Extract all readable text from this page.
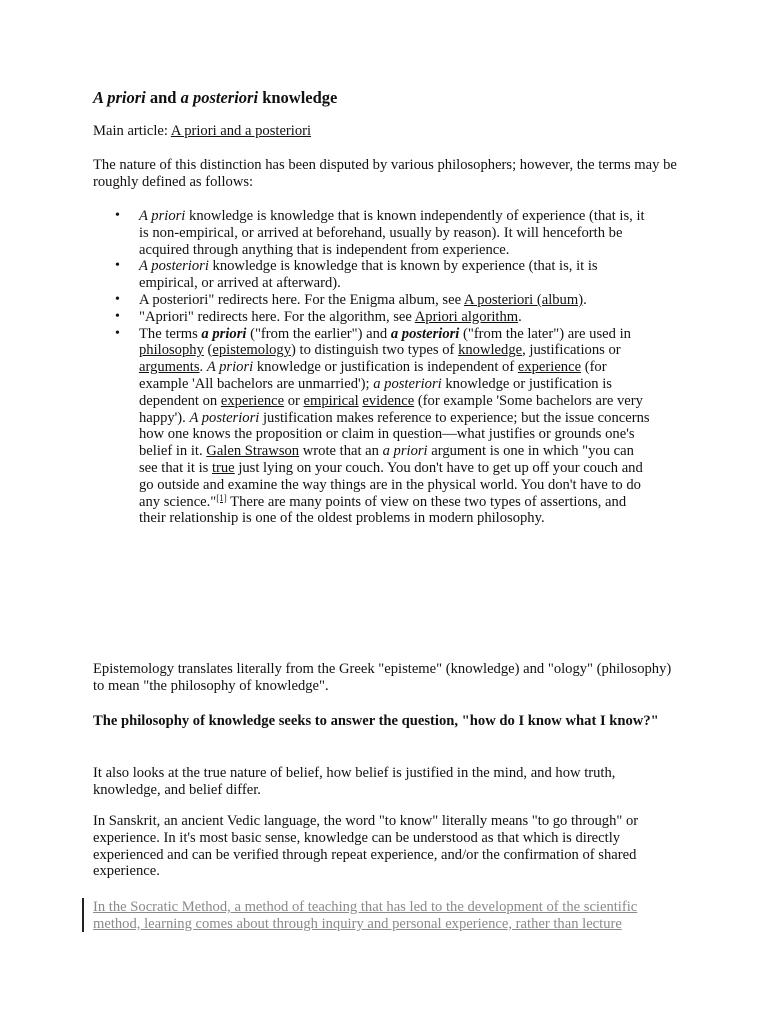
A priori and a posteriori knowledge

Main article: A priori and a posteriori

The nature of this distinction has been disputed by various philosophers; however, the terms may be roughly defined as follows:

• A priori knowledge is knowledge that is known independently of experience (that is, it is non-empirical, or arrived at beforehand, usually by reason). It will henceforth be acquired through anything that is independent from experience.
• A posteriori knowledge is knowledge that is known by experience (that is, it is empirical, or arrived at afterward).
• A posteriori" redirects here. For the Enigma album, see A posteriori (album).
• "Apriori" redirects here. For the algorithm, see Apriori algorithm.
• The terms a priori ("from the earlier") and a posteriori ("from the later") are used in philosophy (epistemology) to distinguish two types of knowledge, justifications or arguments. A priori knowledge or justification is independent of experience (for example 'All bachelors are unmarried'); a posteriori knowledge or justification is dependent on experience or empirical evidence (for example 'Some bachelors are very happy'). A posteriori justification makes reference to experience; but the issue concerns how one knows the proposition or claim in question—what justifies or grounds one's belief in it. Galen Strawson wrote that an a priori argument is one in which "you can see that it is true just lying on your couch. You don't have to get up off your couch and go outside and examine the way things are in the physical world. You don't have to do any science."[1] There are many points of view on these two types of assertions, and their relationship is one of the oldest problems in modern philosophy.

Epistemology translates literally from the Greek "episteme" (knowledge) and "ology" (philosophy) to mean "the philosophy of knowledge".

The philosophy of knowledge seeks to answer the question, "how do I know what I know?"

It also looks at the true nature of belief, how belief is justified in the mind, and how truth, knowledge, and belief differ.

In Sanskrit, an ancient Vedic language, the word "to know" literally means "to go through" or experience. In it's most basic sense, knowledge can be understood as that which is directly experienced and can be verified through repeat experience, and/or the confirmation of shared experience.

In the Socratic Method, a method of teaching that has led to the development of the scientific method, learning comes about through inquiry and personal experience, rather than lecture
